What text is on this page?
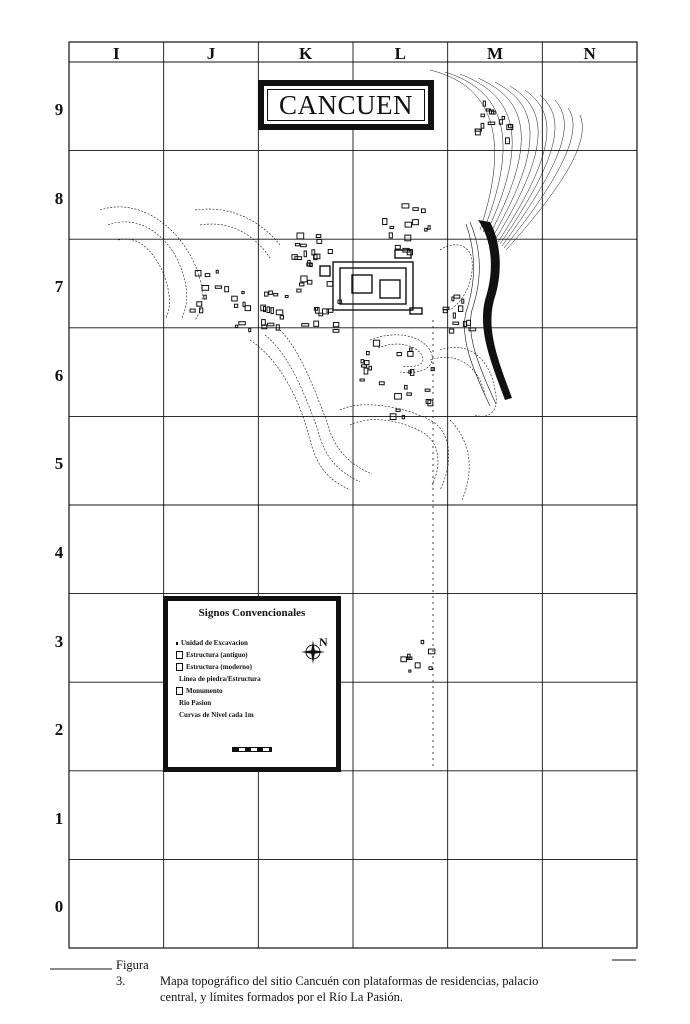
I	J	K	L	M	N
9
8
7
6
5
4
3
2
1
0
CANCUEN
Signos Convencionales
Unidad de Excavacion
Estructura (antiguo)
Estructura (moderno)
Linea de piedra/Estructura
Monumento
Rio Pasion
Curvas de Nivel cada 1m
N
Figura 3.	Mapa topográfico del sitio Cancuén con plataformas de residencias, palacio
central, y límites formados por el Río La Pasión.
